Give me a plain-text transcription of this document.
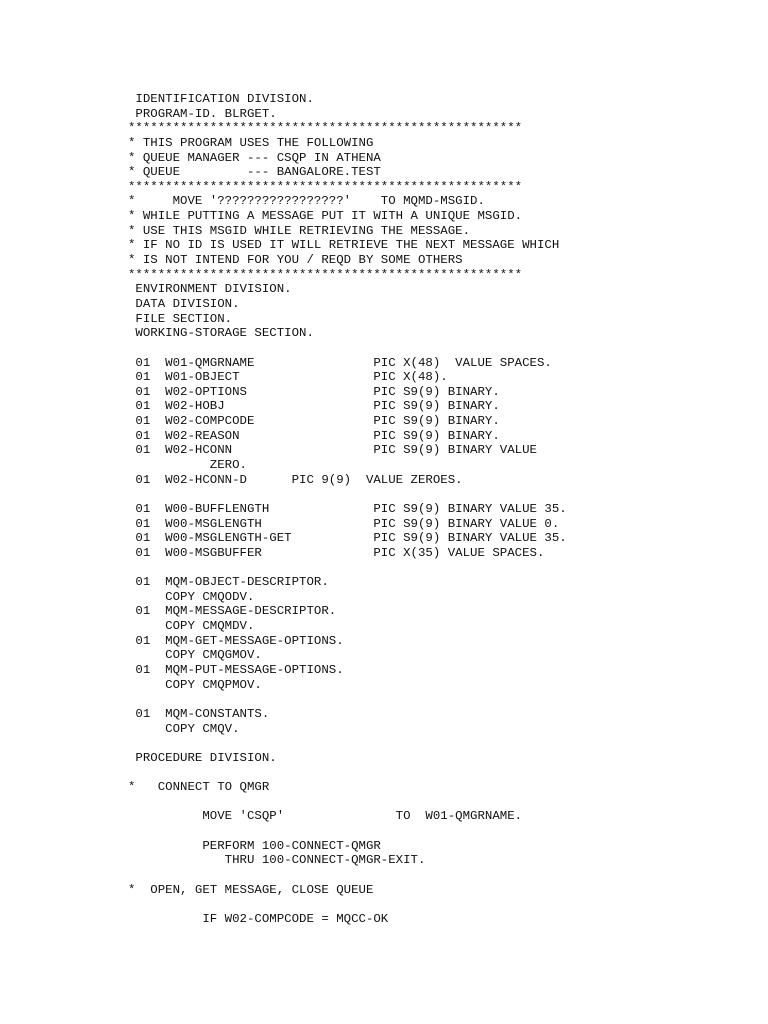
IDENTIFICATION DIVISION.
PROGRAM-ID. BLRGET.
*****************************************************
* THIS PROGRAM USES THE FOLLOWING
* QUEUE MANAGER --- CSQP IN ATHENA
* QUEUE         --- BANGALORE.TEST
*****************************************************
*     MOVE '?????????????????'    TO MQMD-MSGID.
* WHILE PUTTING A MESSAGE PUT IT WITH A UNIQUE MSGID.
* USE THIS MSGID WHILE RETRIEVING THE MESSAGE.
* IF NO ID IS USED IT WILL RETRIEVE THE NEXT MESSAGE WHICH
* IS NOT INTEND FOR YOU / REQD BY SOME OTHERS
*****************************************************
ENVIRONMENT DIVISION.
DATA DIVISION.
FILE SECTION.
WORKING-STORAGE SECTION.

01  W01-QMGRNAME                PIC X(48)  VALUE SPACES.
01  W01-OBJECT                  PIC X(48).
01  W02-OPTIONS                 PIC S9(9) BINARY.
01  W02-HOBJ                    PIC S9(9) BINARY.
01  W02-COMPCODE                PIC S9(9) BINARY.
01  W02-REASON                  PIC S9(9) BINARY.
01  W02-HCONN                   PIC S9(9) BINARY VALUE
ZERO.
01  W02-HCONN-D      PIC 9(9)  VALUE ZEROES.

01  W00-BUFFLENGTH              PIC S9(9) BINARY VALUE 35.
01  W00-MSGLENGTH               PIC S9(9) BINARY VALUE 0.
01  W00-MSGLENGTH-GET           PIC S9(9) BINARY VALUE 35.
01  W00-MSGBUFFER               PIC X(35) VALUE SPACES.

01  MQM-OBJECT-DESCRIPTOR.
COPY CMQODV.
01  MQM-MESSAGE-DESCRIPTOR.
COPY CMQMDV.
01  MQM-GET-MESSAGE-OPTIONS.
COPY CMQGMOV.
01  MQM-PUT-MESSAGE-OPTIONS.
COPY CMQPMOV.

01  MQM-CONSTANTS.
COPY CMQV.

PROCEDURE DIVISION.

*   CONNECT TO QMGR

MOVE 'CSQP'               TO  W01-QMGRNAME.

PERFORM 100-CONNECT-QMGR
THRU 100-CONNECT-QMGR-EXIT.

*  OPEN, GET MESSAGE, CLOSE QUEUE

IF W02-COMPCODE = MQCC-OK
